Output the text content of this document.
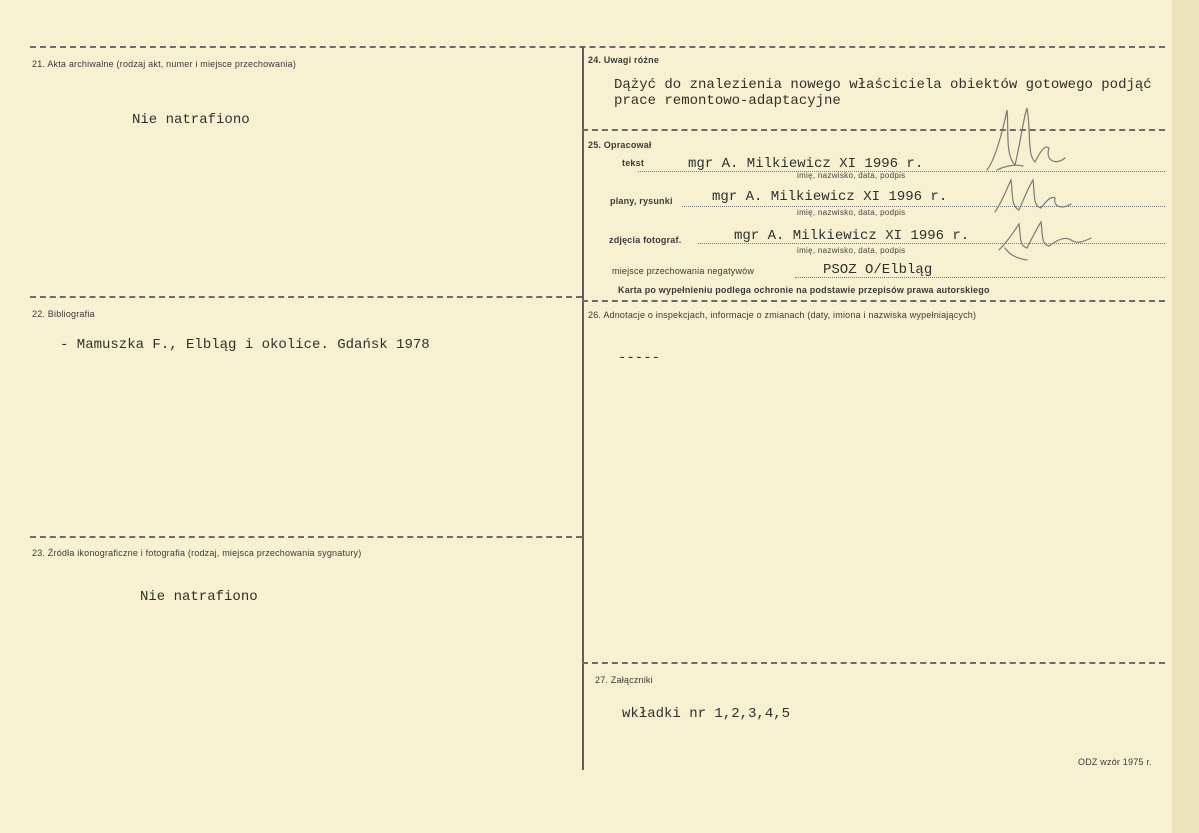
21. Akta archiwalne (rodzaj akt, numer i miejsce przechowania)
Nie natrafiono
22. Bibliografia
- Mamuszka F., Elbląg i okolice. Gdańsk 1978
23. Źródła ikonograficzne i fotografia (rodzaj, miejsca przechowania sygnatury)
Nie natrafiono
24. Uwagi różne
Dążyć do znalezienia nowego właściciela obiektów gotowego podjąć
prace remontowo-adaptacyjne
25. Opracował
tekst	mgr A. Milkiewicz XI 1996 r.
imię, nazwisko, data, podpis
plany, rysunki	mgr A. Milkiewicz XI 1996 r.
imię, nazwisko, data, podpis
zdjęcia fotograf.	mgr A. Milkiewicz XI 1996 r.
imię, nazwisko, data, podpis
miejsce przechowania negatywów	PSOZ O/Elbląg
Karta po wypełnieniu podlega ochronie na podstawie przepisów prawa autorskiego
26. Adnotacje o inspekcjach, informacje o zmianach (daty, imiona i nazwiska wypełniających)
-----
27. Załączniki
wkładki nr 1,2,3,4,5
ODZ wzór 1975 r.
